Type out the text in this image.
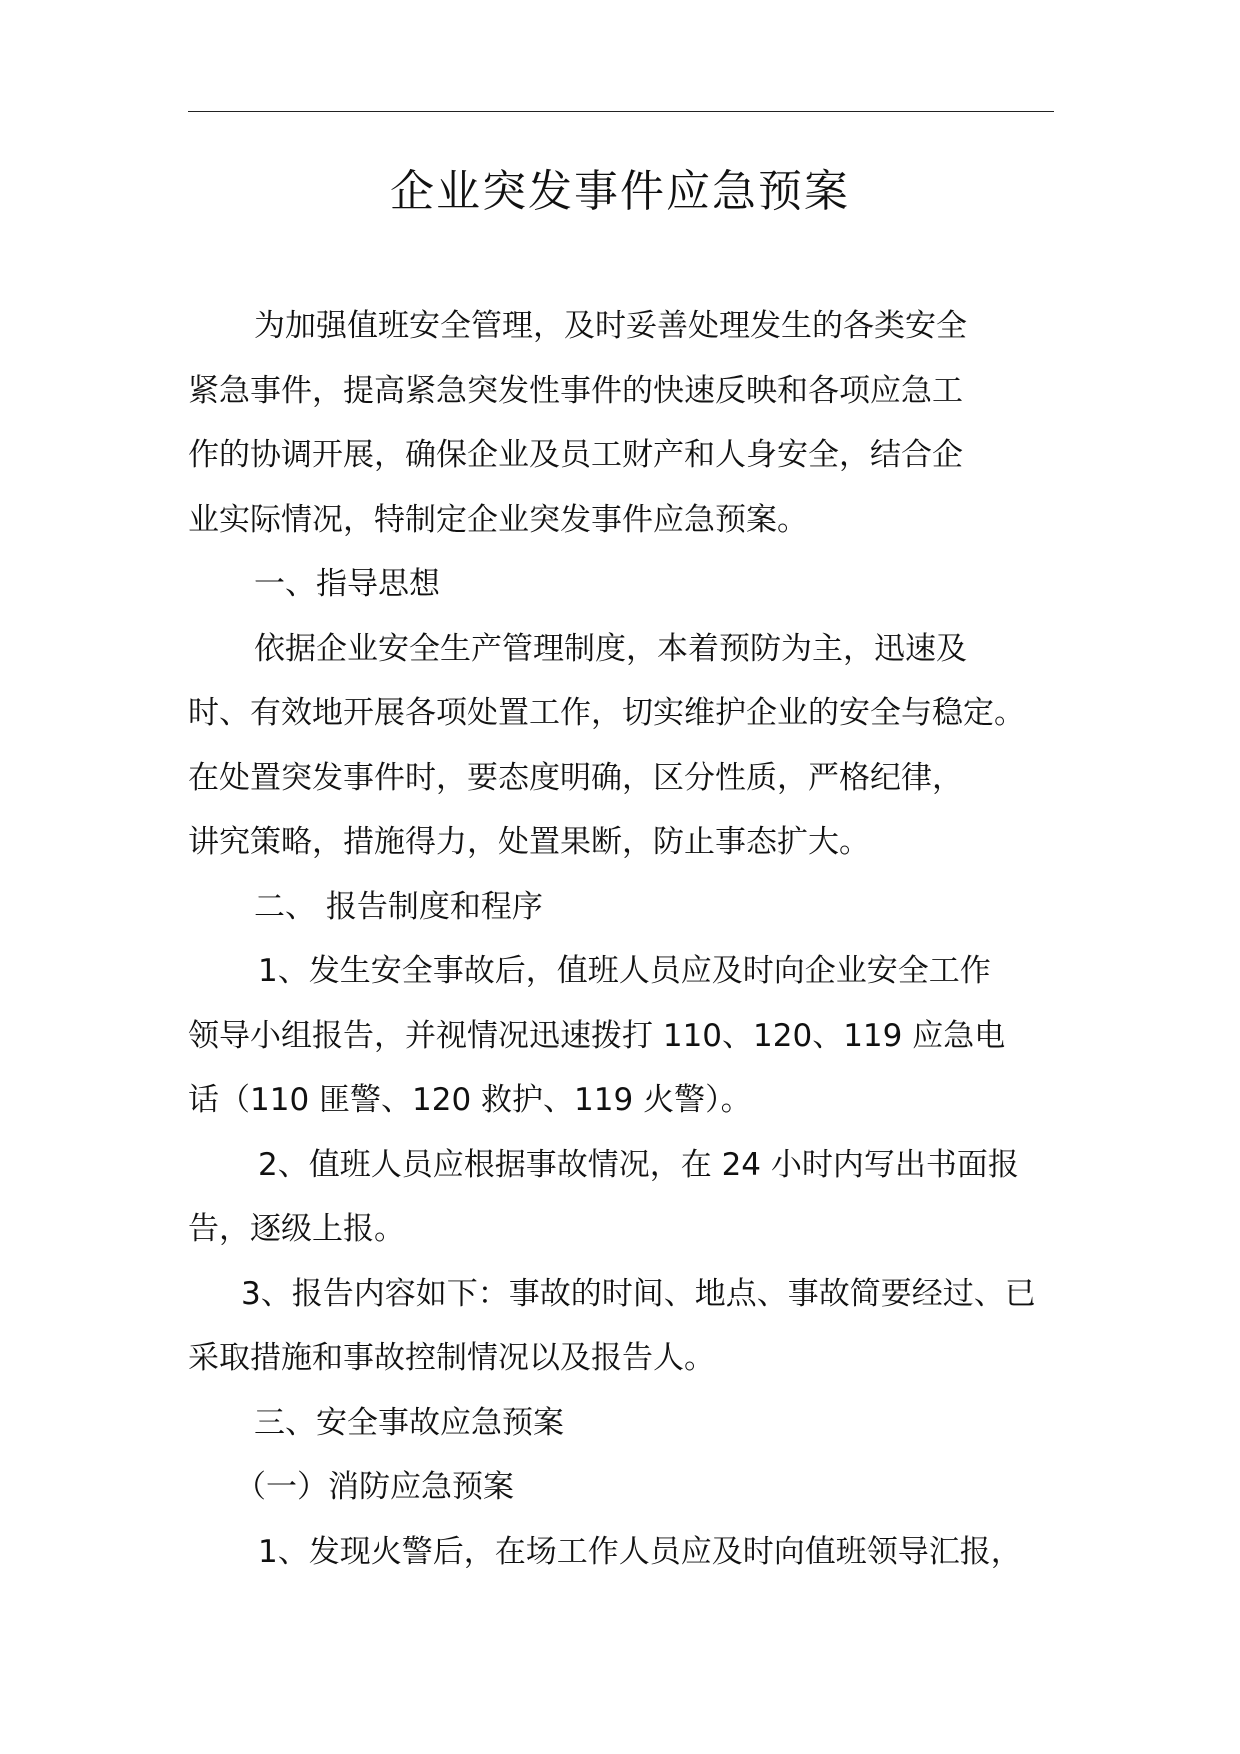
企业突发事件应急预案
为加强值班安全管理，及时妥善处理发生的各类安全
紧急事件，提高紧急突发性事件的快速反映和各项应急工
作的协调开展，确保企业及员工财产和人身安全，结合企
业实际情况，特制定企业突发事件应急预案。
一、指导思想
依据企业安全生产管理制度，本着预防为主，迅速及
时、有效地开展各项处置工作，切实维护企业的安全与稳定。
在处置突发事件时，要态度明确，区分性质，严格纪律，
讲究策略，措施得力，处置果断，防止事态扩大。
二、 报告制度和程序
1、发生安全事故后，值班人员应及时向企业安全工作
领导小组报告，并视情况迅速拨打 110、120、119 应急电
话（110 匪警、120 救护、119 火警）。
2、值班人员应根据事故情况，在 24 小时内写出书面报
告，逐级上报。
3、报告内容如下：事故的时间、地点、事故简要经过、已
采取措施和事故控制情况以及报告人。
三、安全事故应急预案
（一）消防应急预案
1、发现火警后，在场工作人员应及时向值班领导汇报，
